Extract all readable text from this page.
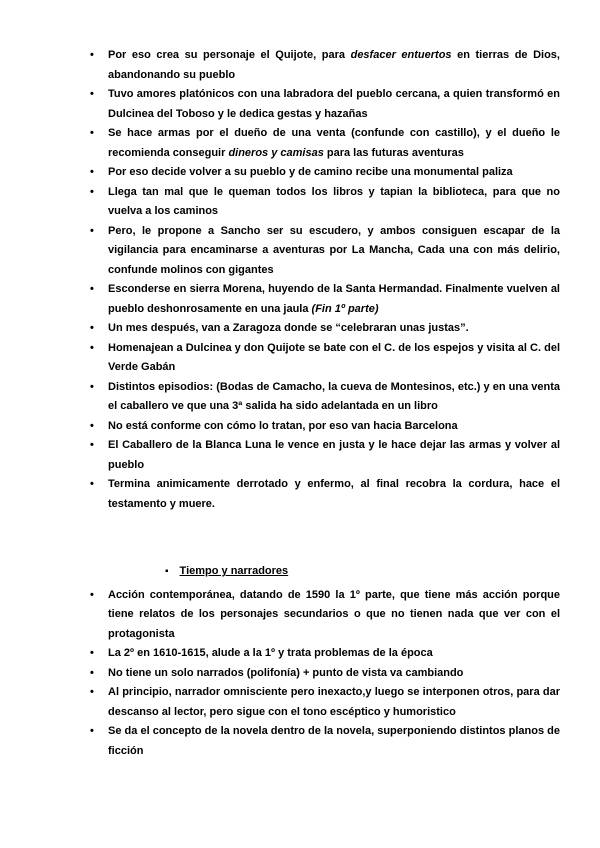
• Por eso crea su personaje el Quijote, para desfacer entuertos en tierras de Dios, abandonando su pueblo
• Tuvo amores platónicos con una labradora del pueblo cercana, a quien transformó en Dulcinea del Toboso y le dedica gestas y hazañas
• Se hace armas por el dueño de una venta (confunde con castillo), y el dueño le recomienda conseguir dineros y camisas para las futuras aventuras
• Por eso decide volver a su pueblo y de camino recibe una monumental paliza
• Llega tan mal que le queman todos los libros y tapian la biblioteca, para que no vuelva a los caminos
• Pero, le propone a Sancho ser su escudero, y ambos consiguen escapar de la vigilancia para encaminarse a aventuras por La Mancha, Cada una con más delirio, confunde molinos con gigantes
• Esconderse en sierra Morena, huyendo de la Santa Hermandad. Finalmente vuelven al pueblo deshonrosamente en una jaula (Fin 1º parte)
• Un mes después, van a Zaragoza donde se “celebraran unas justas”.
• Homenajean a Dulcinea y don Quijote se bate con el C. de los espejos y visita al C. del Verde Gabán
• Distintos episodios: (Bodas de Camacho, la cueva de Montesinos, etc.) y en una venta el caballero ve que una 3ª salida ha sido adelantada en un libro
• No está conforme con cómo lo tratan, por eso van hacia Barcelona
• El Caballero de la Blanca Luna le vence en justa y le hace dejar las armas y volver al pueblo
• Termina animicamente derrotado y enfermo, al final recobra la cordura, hace el testamento y muere.
▪ Tiempo y narradores
• Acción contemporánea, datando de 1590 la 1º parte, que tiene más acción porque tiene relatos de los personajes secundarios o que no tienen nada que ver con el protagonista
• La 2º en 1610-1615, alude a la 1º y trata problemas de la época
• No tiene un solo narrados (polifonía) + punto de vista va cambiando
• Al principio, narrador omnisciente pero inexacto,y luego se interponen otros, para dar descanso al lector, pero sigue con el tono escéptico y humoristico
• Se da el concepto de la novela dentro de la novela, superponiendo distintos planos de ficción
